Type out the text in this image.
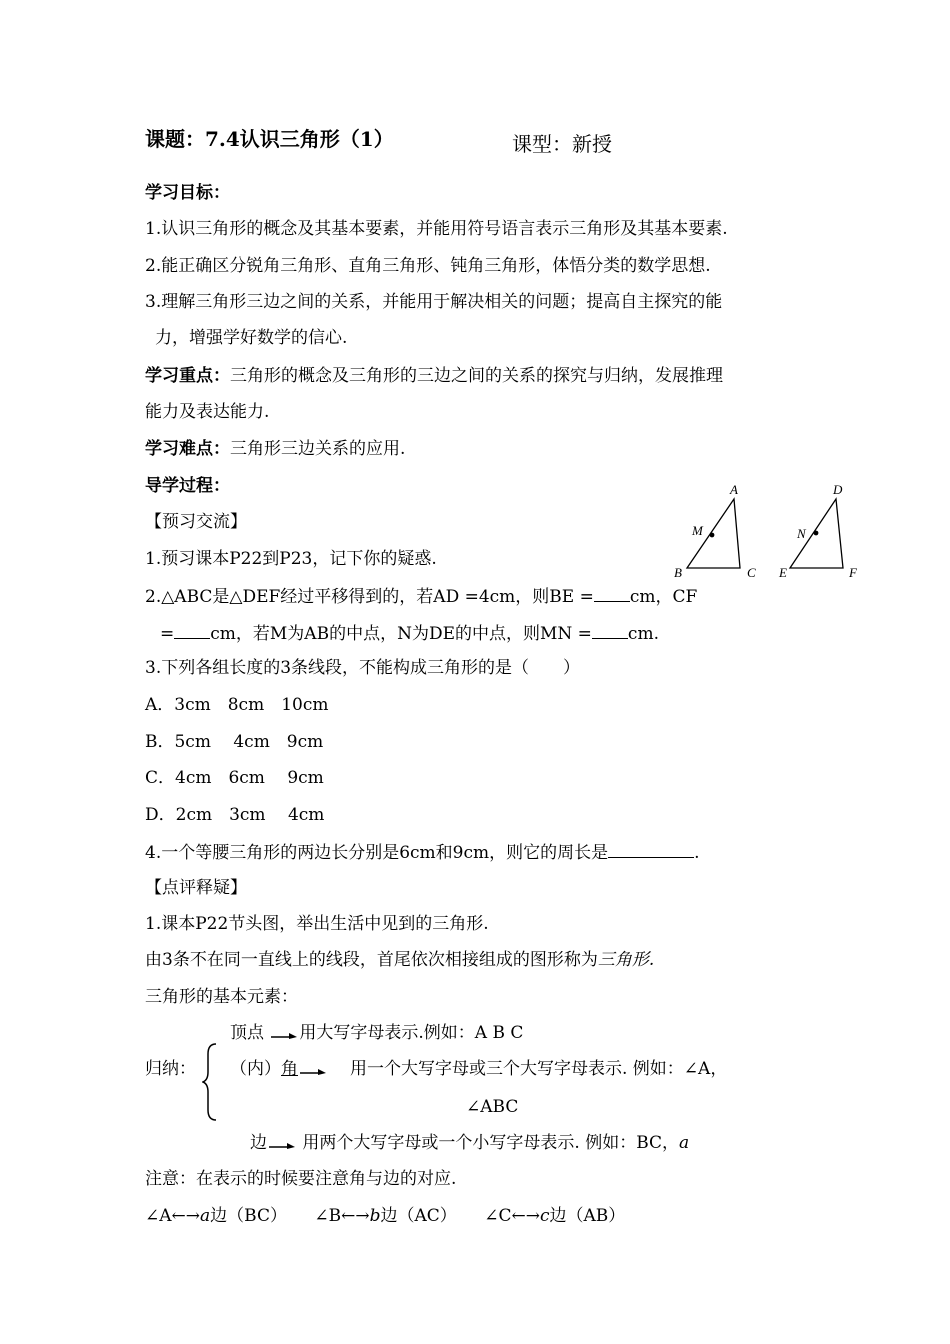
课题：7.4认识三角形（1）	课型：新授
学习目标：
1.认识三角形的概念及其基本要素，并能用符号语言表示三角形及其基本要素.
2.能正确区分锐角三角形、直角三角形、钝角三角形，体悟分类的数学思想.
3.理解三角形三边之间的关系，并能用于解决相关的问题；提高自主探究的能
力，增强学好数学的信心.
学习重点：三角形的概念及三角形的三边之间的关系的探究与归纳，发展推理
能力及表达能力.
学习难点：三角形三边关系的应用.
导学过程：
【预习交流】
1.预习课本P22到P23，记下你的疑惑.
2.△ABC是△DEF经过平移得到的，若AD =4cm，则BE = cm，CF
= cm，若M为AB的中点，N为DE的中点，则MN = cm.
3.下列各组长度的3条线段，不能构成三角形的是（　　）
A．3cm　8cm　10cm
B．5cm　 4cm　9cm
C．4cm　6cm　 9cm
D．2cm　3cm　 4cm
4.一个等腰三角形的两边长分别是6cm和9cm，则它的周长是	.
【点评释疑】
1.课本P22节头图，举出生活中见到的三角形.
由3条不在同一直线上的线段，首尾依次相接组成的图形称为三角形.
三角形的基本元素：
归纳：
顶点 用大写字母表示.例如：A B C
（内）角	用一个大写字母或三个大写字母表示. 例如：∠A，
∠ABC
边 用两个大写字母或一个小写字母表示. 例如：BC，a
注意：在表示的时候要注意角与边的对应.
∠A←→a边（BC） ∠B←→b边（AC） ∠C←→c边（AB）
A
M
B	C
D
N
E	F
